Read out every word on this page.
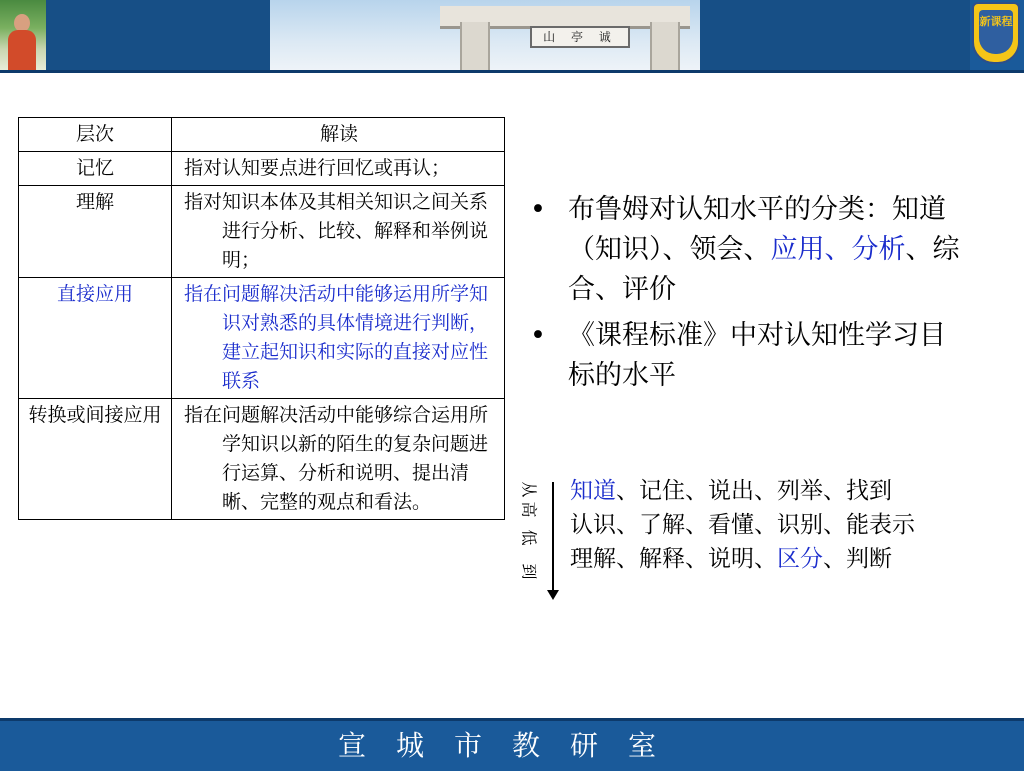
山 亭 诚
新课程
层次	解读
记忆	指对认知要点进行回忆或再认；

理解	指对知识本体及其相关知识之间关系进行分析、比较、解释和举例说明；

直接应用	指在问题解决活动中能够运用所学知识对熟悉的具体情境进行判断，建立起知识和实际的直接对应性联系

转换或间接应用	指在问题解决活动中能够综合运用所学知识以新的陌生的复杂问题进行运算、分析和说明、提出清晰、完整的观点和看法。
• 布鲁姆对认知水平的分类：知道（知识）、领会、应用、分析、综合、评价
• 《课程标准》中对认知性学习目标的水平
从
高
低
到
知道、记住、说出、列举、找到
认识、了解、看懂、识别、能表示
理解、解释、说明、区分、判断
宣城市教研室
